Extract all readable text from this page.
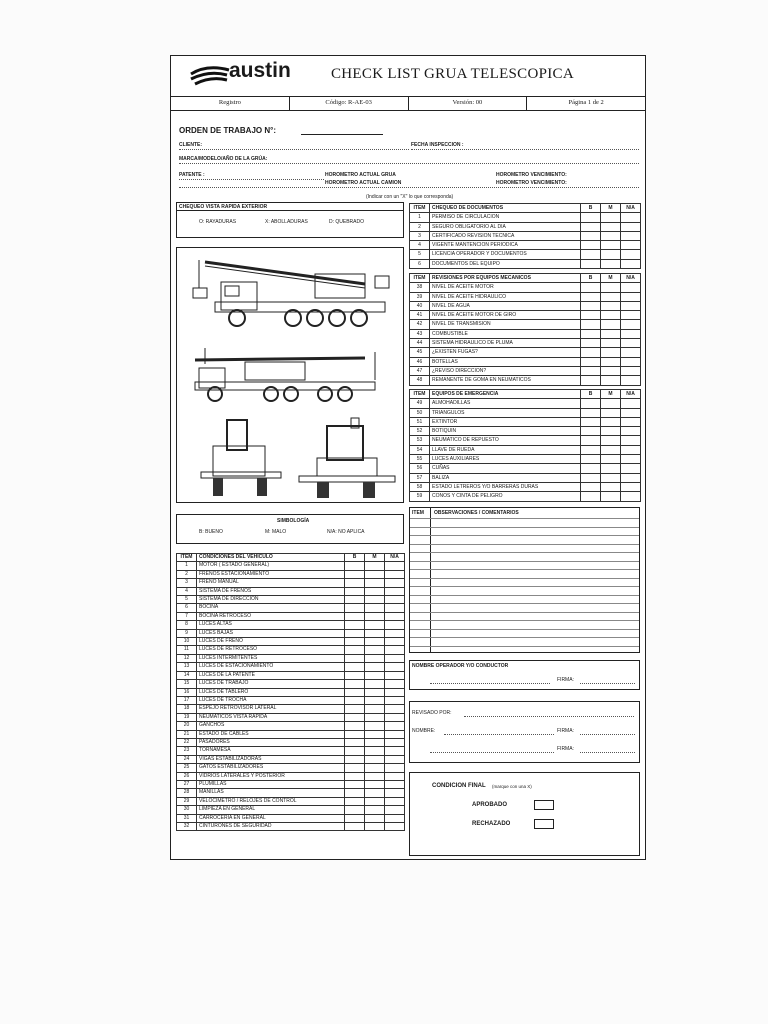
austin	CHECK LIST GRUA TELESCOPICA
Registro	Código: R-AE-03	Versión: 00	Página 1 de 2
ORDEN DE TRABAJO N°:
CLIENTE:	FECHA INSPECCION :
MARCA/MODELO/AÑO DE LA GRÚA:
PATENTE :	HOROMETRO ACTUAL GRUA
HOROMETRO ACTUAL CAMION
HOROMETRO VENCIMIENTO:
HOROMETRO VENCIMIENTO:
(Indicar con un "X" lo que corresponda)
CHEQUEO VISTA RAPIDA EXTERIOR
O: RAYADURAS	X: ABOLLADURAS	D: QUEBRADO
SIMBOLOGÍA
B: BUENO	M: MALO	N/A: NO APLICA
ITEM	CHEQUEO DE DOCUMENTOS	B	M	N/A
1	PERMISO DE CIRCULACION			
2	SEGURO OBLIGATORIO AL DIA			
3	CERTIFICADO REVISION TECNICA			
4	VIGENTE MANTENCION PERIODICA			
5	LICENCIA OPERADOR Y DOCUMENTOS			
6	DOCUMENTOS DEL EQUIPO			
ITEM	REVISIONES POR EQUIPOS MECANICOS	B	M	N/A
38	NIVEL DE ACEITE MOTOR			
39	NIVEL DE ACEITE HIDRAULICO			
40	NIVEL DE AGUA			
41	NIVEL DE ACEITE MOTOR DE GIRO			
42	NIVEL DE TRANSMISION			
43	COMBUSTIBLE			
44	SISTEMA HIDRAULICO DE PLUMA			
45	¿EXISTEN FUGAS?			
46	BOTELLAS			
47	¿REVISO DIRECCION?			
48	REMANENTE DE GOMA EN NEUMATICOS			
ITEM	EQUIPOS DE EMERGENCIA	B	M	N/A
49	ALMOHADILLAS			
50	TRIANGULOS			
51	EXTINTOR			
52	BOTIQUIN			
53	NEUMATICO DE REPUESTO			
54	LLAVE DE RUEDA			
55	LUCES AUXILIARES			
56	CUÑAS			
57	BALIZA			
58	ESTADO LETREROS Y/O BARRERAS DURAS			
59	CONOS Y CINTA DE PELIGRO			
ITEM OBSERVACIONES / COMENTARIOS
ITEM	CONDICIONES DEL VEHICULO	B	M	N/A
1	MOTOR ( ESTADO GENERAL)			
2	FRENOS ESTACIONAMIENTO			
3	FRENO MANUAL			
4	SISTEMA DE FRENOS			
5	SISTEMA DE DIRECCION			
6	BOCINA			
7	BOCINA RETROCESO			
8	LUCES ALTAS			
9	LUCES BAJAS			
10	LUCES DE FRENO			
11	LUCES DE RETROCESO			
12	LUCES INTERMITENTES			
13	LUCES DE ESTACIONAMIENTO			
14	LUCES DE LA PATENTE			
15	LUCES DE TRABAJO			
16	LUCES DE TABLERO			
17	LUCES DE TROCHA			
18	ESPEJO RETROVISOR LATERAL			
19	NEUMATICOS VISTA RAPIDA			
20	GANCHOS			
21	ESTADO DE CABLES			
22	PASADORES			
23	TORNAMESA			
24	VIGAS ESTABILIZADORAS			
25	GATOS ESTABILIZADORES			
26	VIDRIOS LATERALES Y POSTERIOR			
27	PLUMILLAS			
28	MANILLAS			
29	VELOCIMETRO / RELOJES DE CONTROL			
30	LIMPIEZA EN GENERAL			
31	CARROCERIA EN GENERAL			
32	CINTURONES DE SEGURIDAD			
NOMBRE OPERADOR Y/O CONDUCTOR
FIRMA:
REVISADO POR:
NOMBRE:	FIRMA:
FIRMA:
CONDICION FINAL (marque con una X)
APROBADO
RECHAZADO
